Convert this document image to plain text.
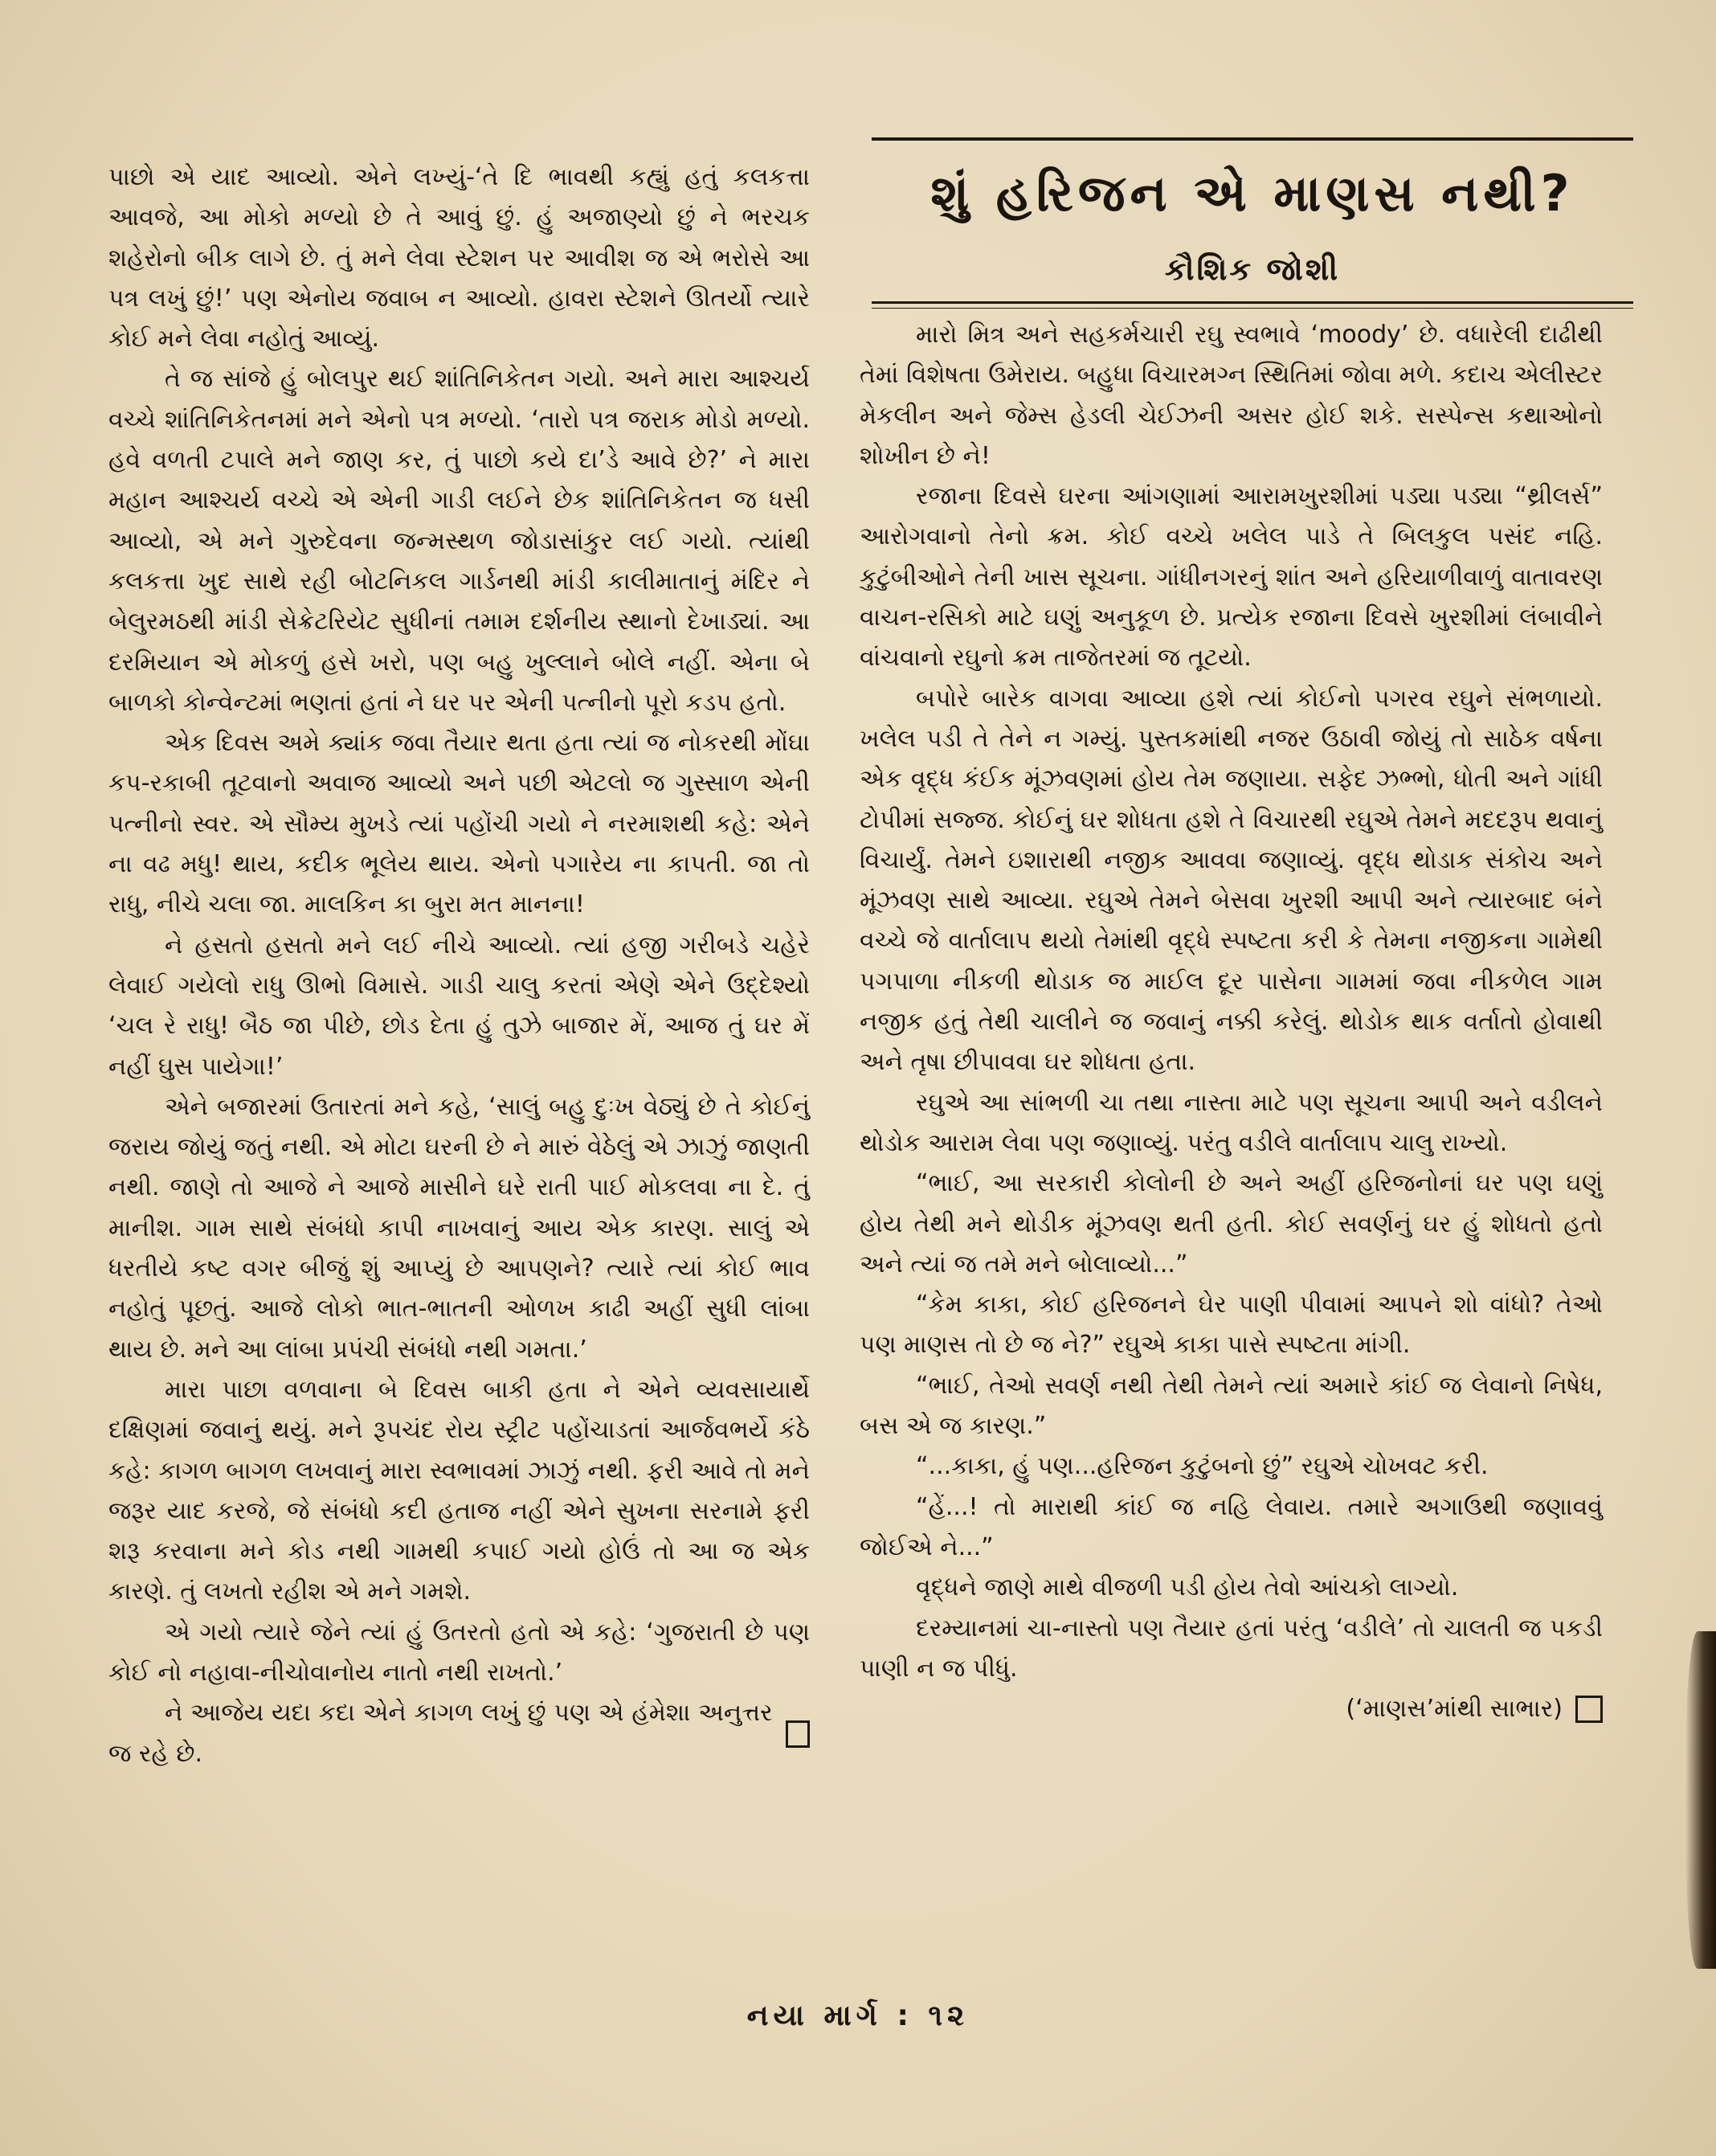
પાછો એ યાદ આવ્યો. એને લખ્યું-‘તે દિ ભાવથી કહ્યું હતું કલકત્તા આવજે, આ મોકો મળ્યો છે તે આવું છું. હું અજાણ્યો છું ને ભરચક શહેરોનો બીક લાગે છે. તું મને લેવા સ્ટેશન પર આવીશ જ એ ભરોસે આ પત્ર લખું છું!’ પણ એનોય જવાબ ન આવ્યો. હાવરા સ્ટેશને ઊતર્યો ત્યારે કોઈ મને લેવા નહોતું આવ્યું.

તે જ સાંજે હું બોલપુર થઈ શાંતિનિકેતન ગયો. અને મારા આશ્ચર્ય વચ્ચે શાંતિનિકેતનમાં મને એનો પત્ર મળ્યો. ‘તારો પત્ર જરાક મોડો મળ્યો. હવે વળતી ટપાલે મને જાણ કર, તું પાછો કયે દા’ડે આવે છે?’ ને મારા મહાન આશ્ચર્ય વચ્ચે એ એની ગાડી લઈને છેક શાંતિનિકેતન જ ધસી આવ્યો, એ મને ગુરુદેવના જન્મસ્થળ જોડાસાંકુર લઈ ગયો. ત્યાંથી કલકત્તા ખુદ સાથે રહી બોટનિકલ ગાર્ડનથી માંડી કાલીમાતાનું મંદિર ને બેલુરમઠથી માંડી સેક્રેટરિયેટ સુધીનાં તમામ દર્શનીય સ્થાનો દેખાડ્યાં. આ દરમિયાન એ મોકળું હસે ખરો, પણ બહુ ખુલ્લાને બોલે નહીં. એના બે બાળકો કોન્વેન્ટમાં ભણતાં હતાં ને ઘર પર એની પત્નીનો પૂરો કડપ હતો.

એક દિવસ અમે ક્યાંક જવા તૈયાર થતા હતા ત્યાં જ નોકરથી મોંઘા કપ-રકાબી તૂટવાનો અવાજ આવ્યો અને પછી એટલો જ ગુસ્સાળ એની પત્નીનો સ્વર. એ સૌમ્ય મુખડે ત્યાં પહોંચી ગયો ને નરમાશથી કહે: એને ના વઢ મધુ! થાય, કદીક ભૂલેય થાય. એનો પગારેય ના કાપતી. જા તો રાધુ, નીચે ચલા જા. માલકિન કા બુરા મત માનના!

ને હસતો હસતો મને લઈ નીચે આવ્યો. ત્યાં હજી ગરીબડે ચહેરે લેવાઈ ગયેલો રાધુ ઊભો વિમાસે. ગાડી ચાલુ કરતાં એણે એને ઉદ્દેશ્યો ‘ચલ રે રાધુ! બૈઠ જા પીછે, છોડ દેતા હું તુઝે બાજાર મેં, આજ તું ઘર મેં નહીં ઘુસ પાયેગા!’

એને બજારમાં ઉતારતાં મને કહે, ‘સાલું બહુ દુઃખ વેઠ્યું છે તે કોઈનું જરાય જોયું જતું નથી. એ મોટા ઘરની છે ને મારું વેઠેલું એ ઝાઝું જાણતી નથી. જાણે તો આજે ને આજે માસીને ઘરે રાતી પાઈ મોકલવા ના દે. તું માનીશ. ગામ સાથે સંબંધો કાપી નાખવાનું આય એક કારણ. સાલું એ ધરતીયે કષ્ટ વગર બીજું શું આપ્યું છે આપણને? ત્યારે ત્યાં કોઈ ભાવ નહોતું પૂછતું. આજે લોકો ભાત-ભાતની ઓળખ કાઢી અહીં સુધી લાંબા થાય છે. મને આ લાંબા પ્રપંચી સંબંધો નથી ગમતા.’

મારા પાછા વળવાના બે દિવસ બાકી હતા ને એને વ્યવસાયાર્થે દક્ષિણમાં જવાનું થયું. મને રૂપચંદ રોય સ્ટ્રીટ પહોંચાડતાં આર્જવભર્યે કંઠે કહે: કાગળ બાગળ લખવાનું મારા સ્વભાવમાં ઝાઝું નથી. ફરી આવે તો મને જરૂર યાદ કરજે, જે સંબંધો કદી હતાજ નહીં એને સુખના સરનામે ફરી શરૂ કરવાના મને કોડ નથી ગામથી કપાઈ ગયો હોઉં તો આ જ એક કારણે. તું લખતો રહીશ એ મને ગમશે.

એ ગયો ત્યારે જેને ત્યાં હું ઉતરતો હતો એ કહે: ‘ગુજરાતી છે પણ કોઈ નો નહાવા-નીચોવાનોય નાતો નથી રાખતો.’

ને આજેય યદા કદા એને કાગળ લખું છું પણ એ હંમેશા અનુત્તર જ રહે છે.

શું હરિજન એ માણસ નથી?
કૌશિક જોશી

મારો મિત્ર અને સહકર્મચારી રઘુ સ્વભાવે ‘moody’ છે. વધારેલી દાઢીથી તેમાં વિશેષતા ઉમેરાય. બહુધા વિચારમગ્ન સ્થિતિમાં જોવા મળે. કદાચ એલીસ્ટર મેકલીન અને જેમ્સ હેડલી ચેઈઝની અસર હોઈ શકે. સસ્પેન્સ કથાઓનો શોખીન છે ને!

રજાના દિવસે ઘરના આંગણામાં આરામખુરશીમાં પડ્યા પડ્યા “થ્રીલર્સ” આરોગવાનો તેનો ક્રમ. કોઈ વચ્ચે ખલેલ પાડે તે બિલકુલ પસંદ નહિ. કુટુંબીઓને તેની ખાસ સૂચના. ગાંધીનગરનું શાંત અને હરિયાળીવાળું વાતાવરણ વાચન-રસિકો માટે ઘણું અનુકૂળ છે. પ્રત્યેક રજાના દિવસે ખુરશીમાં લંબાવીને વાંચવાનો રઘુનો ક્રમ તાજેતરમાં જ તૂટયો.

બપોરે બારેક વાગવા આવ્યા હશે ત્યાં કોઈનો પગરવ રઘુને સંભળાયો. ખલેલ પડી તે તેને ન ગમ્યું. પુસ્તકમાંથી નજર ઉઠાવી જોયું તો સાઠેક વર્ષના એક વૃદ્ધ કંઈક મૂંઝવણમાં હોય તેમ જણાયા. સફેદ ઝભ્ભો, ધોતી અને ગાંધી ટોપીમાં સજ્જ. કોઈનું ઘર શોધતા હશે તે વિચારથી રઘુએ તેમને મદદરૂપ થવાનું વિચાર્યું. તેમને ઇશારાથી નજીક આવવા જણાવ્યું. વૃદ્ધ થોડાક સંકોચ અને મૂંઝવણ સાથે આવ્યા. રઘુએ તેમને બેસવા ખુરશી આપી અને ત્યારબાદ બંને વચ્ચે જે વાર્તાલાપ થયો તેમાંથી વૃદ્ધે સ્પષ્ટતા કરી કે તેમના નજીકના ગામેથી પગપાળા નીકળી થોડાક જ માઈલ દૂર પાસેના ગામમાં જવા નીકળેલ ગામ નજીક હતું તેથી ચાલીને જ જવાનું નક્કી કરેલું. થોડોક થાક વર્તાતો હોવાથી અને તૃષા છીપાવવા ઘર શોધતા હતા.

રઘુએ આ સાંભળી ચા તથા નાસ્તા માટે પણ સૂચના આપી અને વડીલને થોડોક આરામ લેવા પણ જણાવ્યું. પરંતુ વડીલે વાર્તાલાપ ચાલુ રાખ્યો.

“ભાઈ, આ સરકારી કોલોની છે અને અહીં હરિજનોનાં ઘર પણ ઘણું હોય તેથી મને થોડીક મૂંઝવણ થતી હતી. કોઈ સવર્ણનું ઘર હું શોધતો હતો અને ત્યાં જ તમે મને બોલાવ્યો...”

“કેમ કાકા, કોઈ હરિજનને ઘેર પાણી પીવામાં આપને શો વાંધો? તેઓ પણ માણસ તો છે જ ને?” રઘુએ કાકા પાસે સ્પષ્ટતા માંગી.

“ભાઈ, તેઓ સવર્ણ નથી તેથી તેમને ત્યાં અમારે કાંઈ જ લેવાનો નિષેધ, બસ એ જ કારણ.”

“...કાકા, હું પણ...હરિજન કુટુંબનો છું” રઘુએ ચોખવટ કરી.

“હેં...! તો મારાથી કાંઈ જ નહિ લેવાય. તમારે અગાઉથી જણાવવું જોઈએ ને...”

વૃદ્ધને જાણે માથે વીજળી પડી હોય તેવો આંચકો લાગ્યો.

દરમ્યાનમાં ચા-નાસ્તો પણ તૈયાર હતાં પરંતુ ‘વડીલે’ તો ચાલતી જ પકડી પાણી ન જ પીધું.

(‘માણસ’માંથી સાભાર)
નયા માર્ગ : ૧૨
